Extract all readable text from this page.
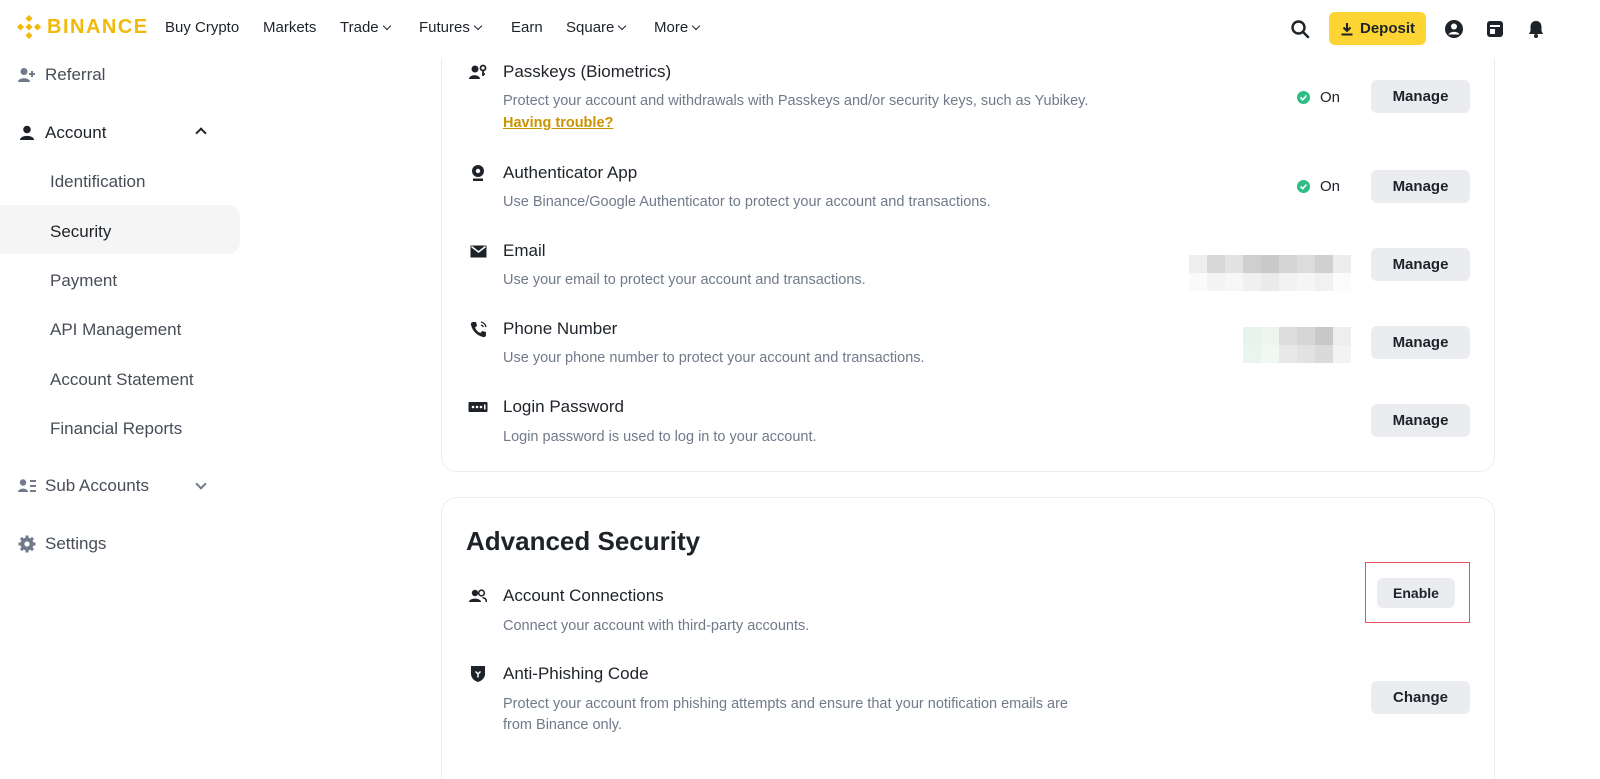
BINANCE Buy Crypto Markets Trade	Futures	Earn Square	More	Deposit
Referral
Account
Identification
Security
Payment
API Management
Account Statement
Financial Reports
Sub Accounts
Settings
Passkeys (Biometrics)
Protect your account and withdrawals with Passkeys and/or security keys, such as Yubikey.
Having trouble?
On	Manage
Authenticator App
Use Binance/Google Authenticator to protect your account and transactions.
On	Manage
Email
Use your email to protect your account and transactions.
Manage
Phone Number
Use your phone number to protect your account and transactions.
Manage
Login Password
Login password is used to log in to your account.
Manage
Advanced Security
Account Connections
Connect your account with third-party accounts.
Enable
Anti-Phishing Code
Protect your account from phishing attempts and ensure that your notification emails are
from Binance only.
Change
